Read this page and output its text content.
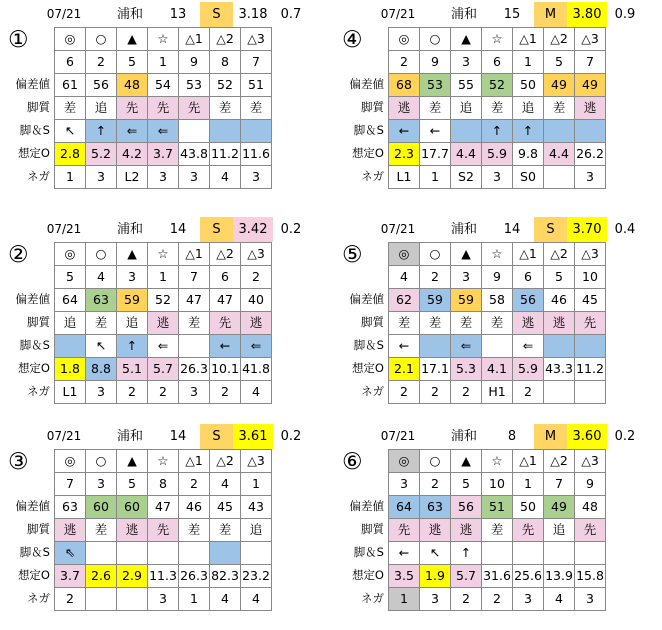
07/21	浦和	13	S	3.18	0.7
①

偏差値
脚質
脚＆S
想定O
ネガ
◎	○	▲	☆	△1	△2	△3
6	2	5	1	9	8	7
61	56	48	54	53	52	51
差	追	先	先	先	差	差
↖	↑	⇐	⇐			
2.8	5.2	4.2	3.7	43.8	11.2	11.6
1	3	L2	3	3	4	3
07/21	浦和	15	M	3.80	0.9
④

偏差値
脚質
脚＆S
想定O
ネガ
◎	○	▲	☆	△1	△2	△3
2	9	3	6	1	5	7
68	53	55	52	50	49	49
逃	差	追	差	追	差	逃
←	←		↑	↑		
2.3	17.7	4.4	5.9	9.8	4.4	26.2
L1	1	S2	3	S0		3
07/21	浦和	14	S	3.42	0.2
②

偏差値
脚質
脚＆S
想定O
ネガ
◎	○	▲	☆	△1	△2	△3
5	4	3	1	7	6	2
64	63	59	52	47	47	40
追	差	追	逃	差	先	逃
	↖	↑	⇐		←	⇐
1.8	8.8	5.1	5.7	26.3	10.1	41.8
L1	3	2	2	3	2	4
07/21	浦和	14	S	3.70	0.4
⑤

偏差値
脚質
脚＆S
想定O
ネガ
◎	○	▲	☆	△1	△2	△3
4	2	3	9	6	5	10
62	59	59	58	56	46	45
差	差	差	差	逃	逃	先
←		⇐		⇐		
2.1	17.1	5.3	4.1	5.9	43.3	11.2
2	2	2	H1	2		
07/21	浦和	14	S	3.61	0.2
③

偏差値
脚質
脚＆S
想定O
ネガ
◎	○	▲	☆	△1	△2	△3
7	3	5	8	2	4	1
63	60	60	47	46	45	43
逃	差	逃	先	差	差	追
⇖						
3.7	2.6	2.9	11.3	26.3	82.3	23.2
2			3	1	4	4
07/21	浦和	8	M	3.60	0.2
⑥

偏差値
脚質
脚＆S
想定O
ネガ
◎	○	▲	☆	△1	△2	△3
3	2	5	10	1	7	9
64	63	56	51	50	49	48
先	逃	逃	差	先	追	先
←	↖	↑				
3.5	1.9	5.7	31.6	25.6	13.9	15.8
1	3	2	2	3	4	3
